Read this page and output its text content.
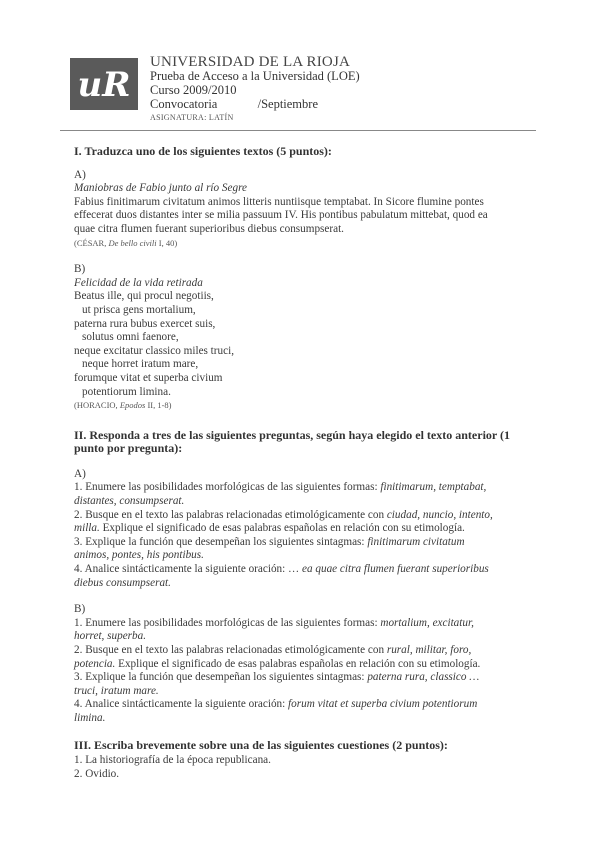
uR
UNIVERSIDAD DE LA RIOJA
Prueba de Acceso a la Universidad (LOE)
Curso 2009/2010
Convocatoria	/Septiembre
ASIGNATURA: LATÍN
I. Traduzca uno de los siguientes textos (5 puntos):
A)
Maniobras de Fabio junto al río Segre
Fabius finitimarum civitatum animos litteris nuntiisque temptabat. In Sicore flumine pontes
effecerat duos distantes inter se milia passuum IV. His pontibus pabulatum mittebat, quod ea
quae citra flumen fuerant superioribus diebus consumpserat.
(CÉSAR, De bello civili I, 40)
B)
Felicidad de la vida retirada
Beatus ille, qui procul negotiis,
ut prisca gens mortalium,
paterna rura bubus exercet suis,
solutus omni faenore,
neque excitatur classico miles truci,
neque horret iratum mare,
forumque vitat et superba civium
potentiorum limina.
(HORACIO, Epodos II, 1-8)
II. Responda a tres de las siguientes preguntas, según haya elegido el texto anterior (1
punto por pregunta):
A)
1. Enumere las posibilidades morfológicas de las siguientes formas: finitimarum, temptabat,
distantes, consumpserat.
2. Busque en el texto las palabras relacionadas etimológicamente con ciudad, nuncio, intento,
milla. Explique el significado de esas palabras españolas en relación con su etimología.
3. Explique la función que desempeñan los siguientes sintagmas: finitimarum civitatum
animos, pontes, his pontibus.
4. Analice sintácticamente la siguiente oración: … ea quae citra flumen fuerant superioribus
diebus consumpserat.
B)
1. Enumere las posibilidades morfológicas de las siguientes formas: mortalium, excitatur,
horret, superba.
2. Busque en el texto las palabras relacionadas etimológicamente con rural, militar, foro,
potencia. Explique el significado de esas palabras españolas en relación con su etimología.
3. Explique la función que desempeñan los siguientes sintagmas: paterna rura, classico …
truci, iratum mare.
4. Analice sintácticamente la siguiente oración: forum vitat et superba civium potentiorum
limina.
III. Escriba brevemente sobre una de las siguientes cuestiones (2 puntos):
1. La historiografía de la época republicana.
2. Ovidio.
